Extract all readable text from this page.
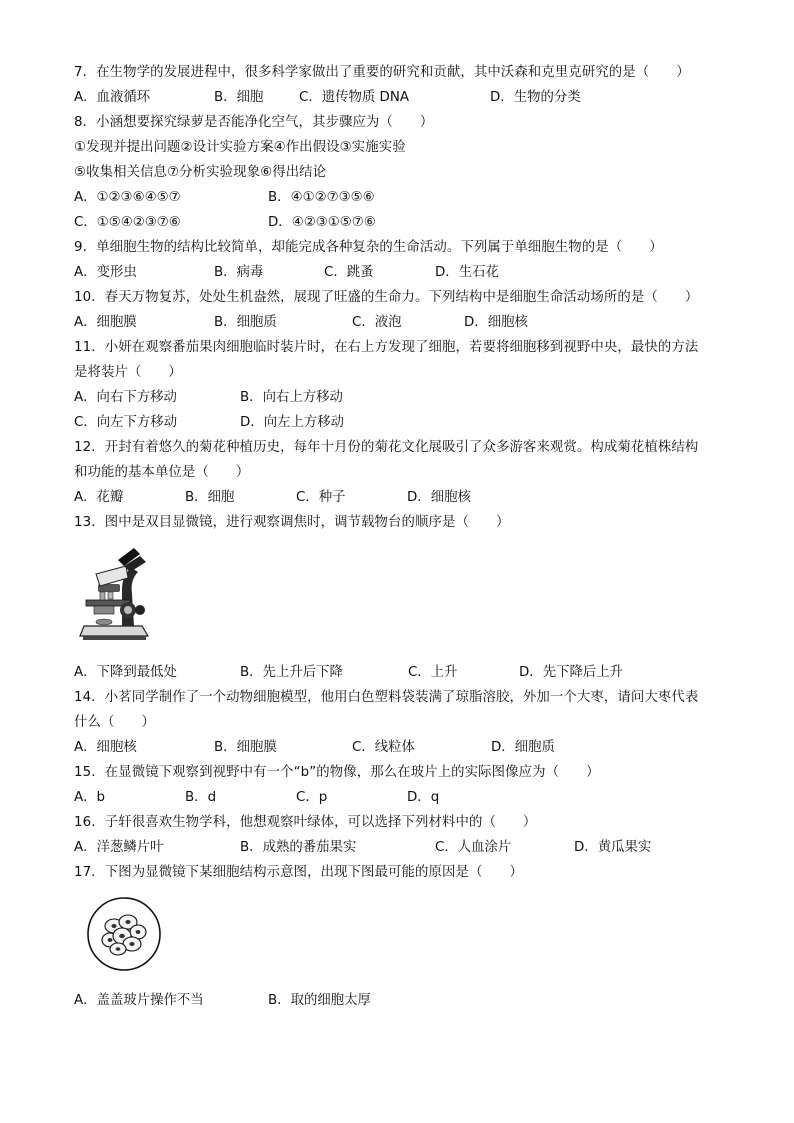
7．在生物学的发展进程中，很多科学家做出了重要的研究和贡献，其中沃森和克里克研究的是（　　）
A．血液循环	B．细胞	C．遗传物质 DNA	D．生物的分类
8．小涵想要探究绿萝是否能净化空气，其步骤应为（　　）
①发现并提出问题②设计实验方案④作出假设③实施实验
⑤收集相关信息⑦分析实验现象⑥得出结论
A．①②③⑥④⑤⑦	B．④①②⑦③⑤⑥
C．①⑤④②③⑦⑥	D．④②③①⑤⑦⑥
9．单细胞生物的结构比较简单，却能完成各种复杂的生命活动。下列属于单细胞生物的是（　　）
A．变形虫	B．病毒	C．跳蚤	D．生石花
10．春天万物复苏，处处生机盎然，展现了旺盛的生命力。下列结构中是细胞生命活动场所的是（　　）
A．细胞膜	B．细胞质	C．液泡	D．细胞核
11．小妍在观察番茄果肉细胞临时装片时，在右上方发现了细胞，若要将细胞移到视野中央，最快的方法
是将装片（　　）
A．向右下方移动	B．向右上方移动
C．向左下方移动	D．向左上方移动
12．开封有着悠久的菊花种植历史，每年十月份的菊花文化展吸引了众多游客来观赏。构成菊花植株结构
和功能的基本单位是（　　）
A．花瓣	B．细胞	C．种子	D．细胞核
13．图中是双目显微镜，进行观察调焦时，调节载物台的顺序是（　　）
A．下降到最低处	B．先上升后下降	C．上升	D．先下降后上升
14．小茗同学制作了一个动物细胞模型，他用白色塑料袋装满了琼脂溶胶，外加一个大枣，请问大枣代表
什么（　　）
A．细胞核	B．细胞膜	C．线粒体	D．细胞质
15．在显微镜下观察到视野中有一个“b”的物像，那么在玻片上的实际图像应为（　　）
A．b	B．d	C．p	D．q
16．子轩很喜欢生物学科，他想观察叶绿体，可以选择下列材料中的（　　）
A．洋葱鳞片叶	B．成熟的番茄果实	C．人血涂片	D．黄瓜果实
17．下图为显微镜下某细胞结构示意图，出现下图最可能的原因是（　　）
A．盖盖玻片操作不当	B．取的细胞太厚
